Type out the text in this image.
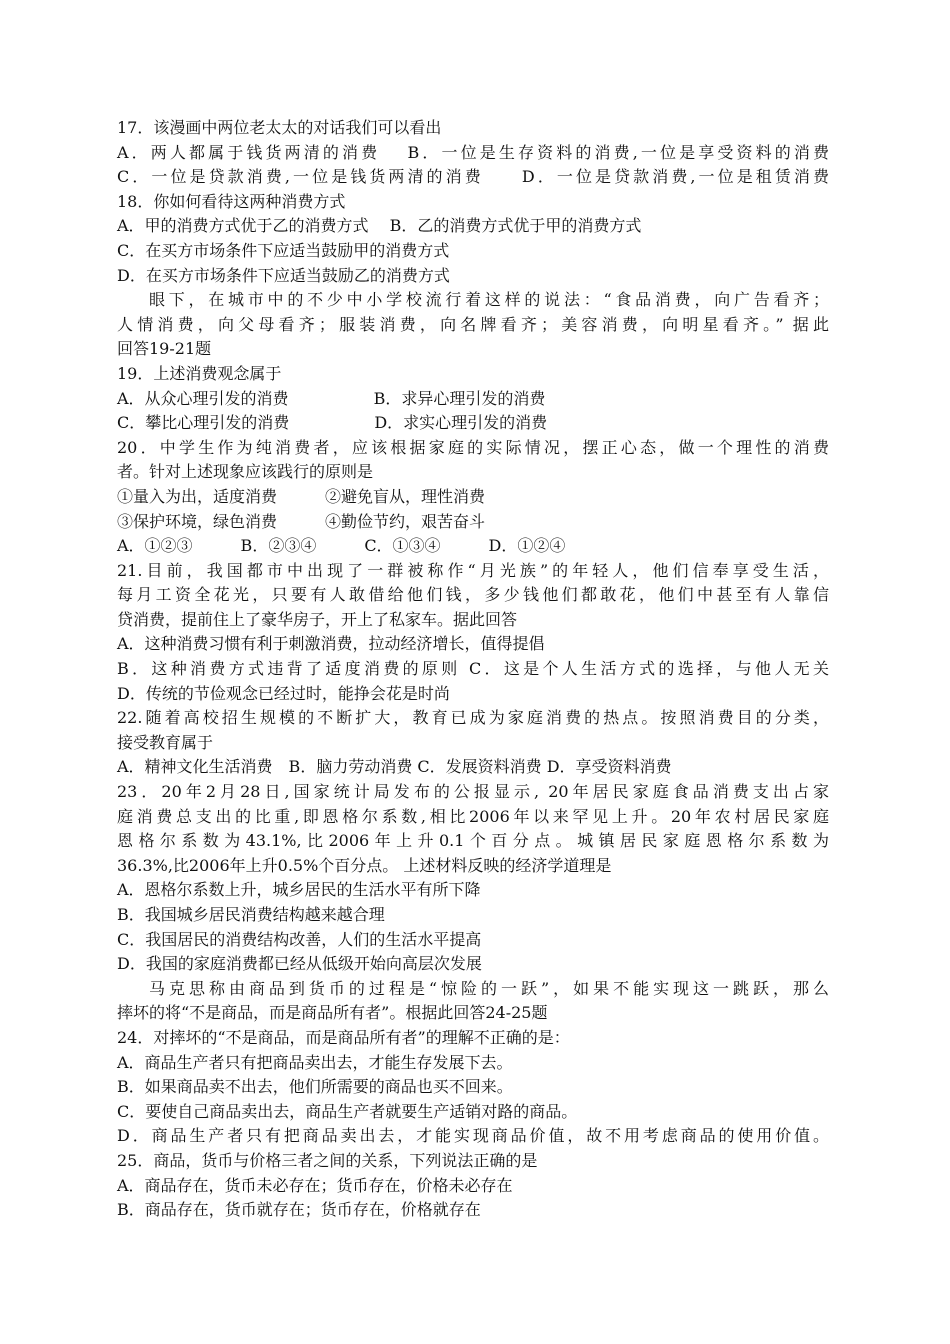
17．该漫画中两位老太太的对话我们可以看出
A．两人都属于钱货两清的消费　 B．一位是生存资料的消费,一位是享受资料的消费
C．一位是贷款消费,一位是钱货两清的消费　　D．一位是贷款消费,一位是租赁消费
18．你如何看待这两种消费方式
A．甲的消费方式优于乙的消费方式　 B．乙的消费方式优于甲的消费方式
C．在买方市场条件下应适当鼓励甲的消费方式
D．在买方市场条件下应适当鼓励乙的消费方式
眼下，在城市中的不少中小学校流行着这样的说法：“食品消费，向广告看齐；
人情消费，向父母看齐；服装消费，向名牌看齐；美容消费，向明星看齐。” 据此
回答19-21题
19．上述消费观念属于
A．从众心理引发的消费　　　　　 B．求异心理引发的消费
C．攀比心理引发的消费　　　　　 D．求实心理引发的消费
20．中学生作为纯消费者，应该根据家庭的实际情况，摆正心态，做一个理性的消费
者。针对上述现象应该践行的原则是
①量入为出，适度消费　　　②避免盲从，理性消费
③保护环境，绿色消费　　　④勤俭节约，艰苦奋斗
A．①②③　　　B．②③④　　　C．①③④　　　D．①②④
21.目前，我国都市中出现了一群被称作“月光族”的年轻人，他们信奉享受生活，
每月工资全花光，只要有人敢借给他们钱，多少钱他们都敢花，他们中甚至有人靠信
贷消费，提前住上了豪华房子，开上了私家车。据此回答
A．这种消费习惯有利于刺激消费，拉动经济增长，值得提倡
B．这种消费方式违背了适度消费的原则 C．这是个人生活方式的选择，与他人无关
D．传统的节俭观念已经过时，能挣会花是时尚
22.随着高校招生规模的不断扩大，教育已成为家庭消费的热点。按照消费目的分类，
接受教育属于
A．精神文化生活消费　B．脑力劳动消费 C．发展资料消费 D．享受资料消费
23．20年2月28日,国家统计局发布的公报显示, 20年居民家庭食品消费支出占家
庭消费总支出的比重,即恩格尔系数,相比2006年以来罕见上升。20年农村居民家庭
恩格尔系数为43.1%,比2006年上升0.1个百分点。城镇居民家庭恩格尔系数为
36.3%,比2006年上升0.5%个百分点。 上述材料反映的经济学道理是
A．恩格尔系数上升，城乡居民的生活水平有所下降
B．我国城乡居民消费结构越来越合理
C．我国居民的消费结构改善，人们的生活水平提高
D．我国的家庭消费都已经从低级开始向高层次发展
马克思称由商品到货币的过程是“惊险的一跃”，如果不能实现这一跳跃，那么
摔坏的将“不是商品，而是商品所有者”。根据此回答24-25题
24．对摔坏的“不是商品，而是商品所有者”的理解不正确的是：
A．商品生产者只有把商品卖出去，才能生存发展下去。
B．如果商品卖不出去，他们所需要的商品也买不回来。
C．要使自己商品卖出去，商品生产者就要生产适销对路的商品。
D．商品生产者只有把商品卖出去，才能实现商品价值，故不用考虑商品的使用价值。
25．商品，货币与价格三者之间的关系，下列说法正确的是
A．商品存在，货币未必存在；货币存在，价格未必存在
B．商品存在，货币就存在；货币存在，价格就存在
